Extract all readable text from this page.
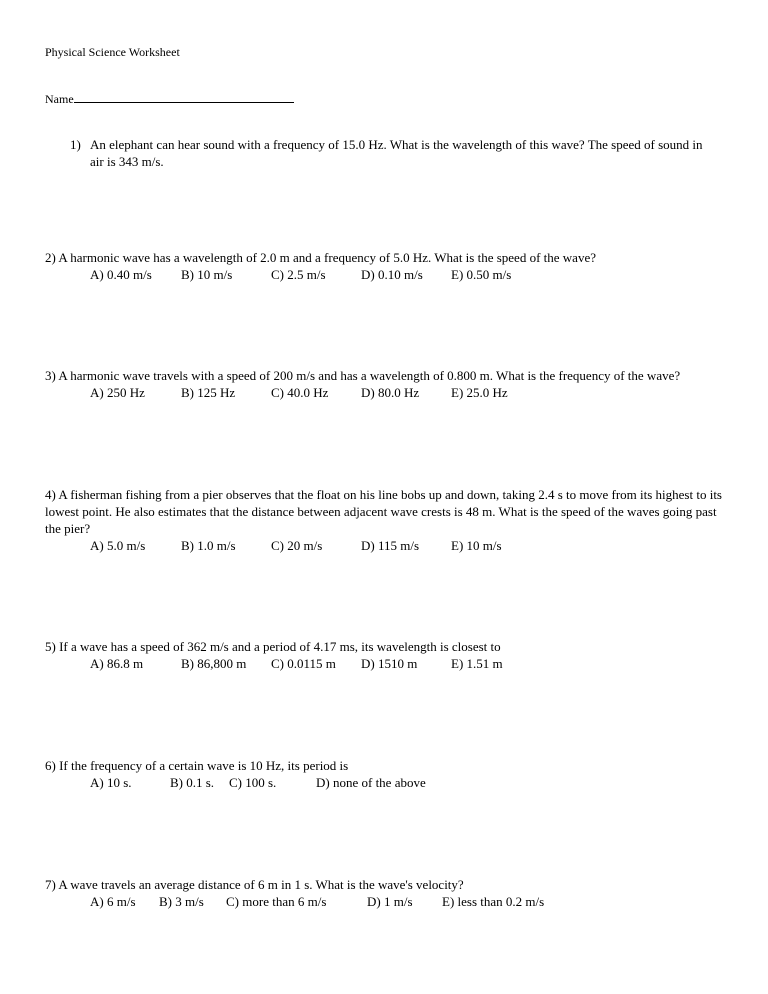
Physical Science Worksheet
Name
1) An elephant can hear sound with a frequency of 15.0 Hz. What is the wavelength of this wave? The speed of sound in air is 343 m/s.
2) A harmonic wave has a wavelength of 2.0 m and a frequency of 5.0 Hz. What is the speed of the wave?
A) 0.40 m/s B) 10 m/s	C) 2.5 m/s	D) 0.10 m/s E) 0.50 m/s
3) A harmonic wave travels with a speed of 200 m/s and has a wavelength of 0.800 m. What is the frequency of the wave?
A) 250 Hz	B) 125 Hz	C) 40.0 Hz	D) 80.0 Hz E) 25.0 Hz
4) A fisherman fishing from a pier observes that the float on his line bobs up and down, taking 2.4 s to move from its highest to its lowest point. He also estimates that the distance between adjacent wave crests is 48 m. What is the speed of the waves going past the pier?
A) 5.0 m/s	B) 1.0 m/s	C) 20 m/s	D) 115 m/s E) 10 m/s
5) If a wave has a speed of 362 m/s and a period of 4.17 ms, its wavelength is closest to
A) 86.8 m	B) 86,800 m C) 0.0115 m D) 1510 m	E) 1.51 m
6) If the frequency of a certain wave is 10 Hz, its period is
A) 10 s.	B) 0.1 s. C) 100 s.	D) none of the above
7) A wave travels an average distance of 6 m in 1 s. What is the wave's velocity?
A) 6 m/s B) 3 m/s C) more than 6 m/s	D) 1 m/s E) less than 0.2 m/s
